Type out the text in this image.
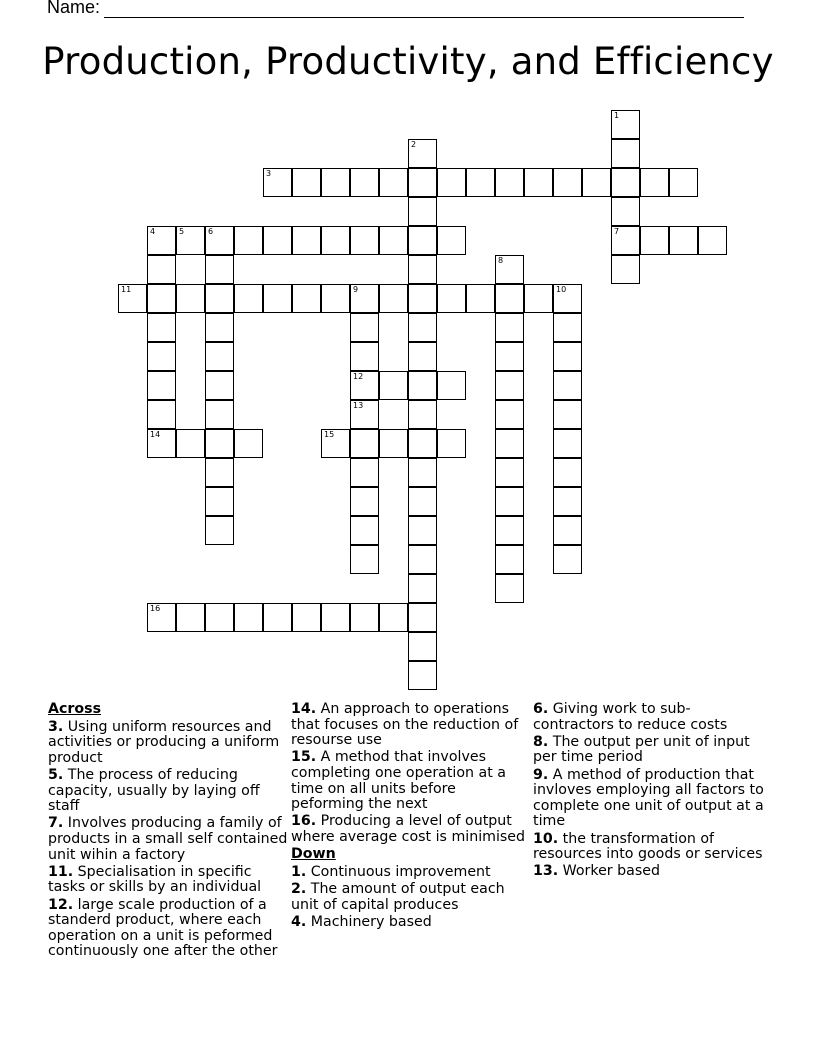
Name:
Production, Productivity, and Efficiency
3
5	6	7
11	9	10
12
14	15
16
1
2
4
8
13
Across
3. Using uniform resources and activities or producing a uniform product
5. The process of reducing capacity, usually by laying off staff
7. Involves producing a family of products in a small self contained unit wihin a factory
11. Specialisation in specific tasks or skills by an individual
12. large scale production of a standerd product, where each operation on a unit is peformed continuously one after the other
14. An approach to operations that focuses on the reduction of resourse use
15. A method that involves completing one operation at a time on all units before peforming the next
16. Producing a level of output where average cost is minimised
Down
1. Continuous improvement
2. The amount of output each unit of capital produces
4. Machinery based
6. Giving work to sub-contractors to reduce costs
8. The output per unit of input per time period
9. A method of production that invloves employing all factors to complete one unit of output at a time
10. the transformation of resources into goods or services
13. Worker based
